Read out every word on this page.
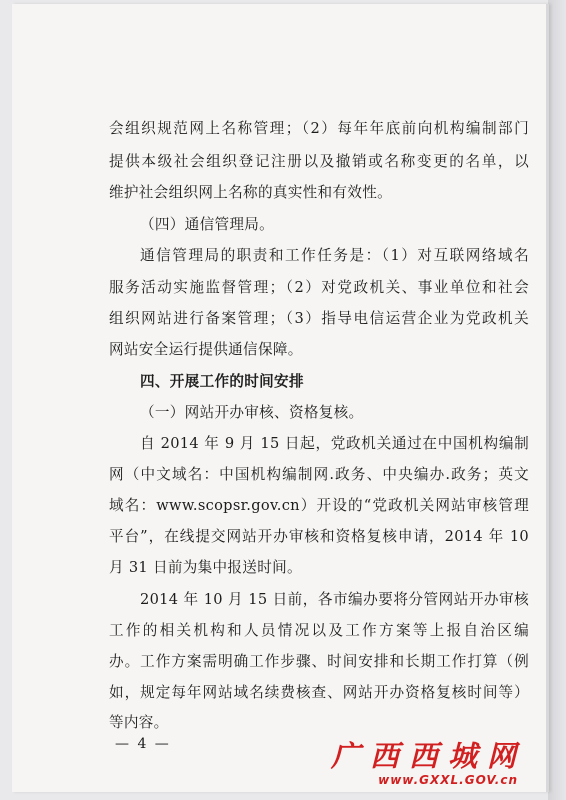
会组织规范网上名称管理；（2）每年年底前向机构编制部门
提供本级社会组织登记注册以及撤销或名称变更的名单，以
维护社会组织网上名称的真实性和有效性。
（四）通信管理局。
通信管理局的职责和工作任务是：（1）对互联网络域名
服务活动实施监督管理；（2）对党政机关、事业单位和社会
组织网站进行备案管理；（3）指导电信运营企业为党政机关
网站安全运行提供通信保障。
四、开展工作的时间安排
（一）网站开办审核、资格复核。
自 2014 年 9 月 15 日起，党政机关通过在中国机构编制
网（中文域名：中国机构编制网.政务、中央编办.政务；英文
域名：www.scopsr.gov.cn）开设的“党政机关网站审核管理
平台”，在线提交网站开办审核和资格复核申请，2014 年 10
月 31 日前为集中报送时间。
2014 年 10 月 15 日前，各市编办要将分管网站开办审核
工作的相关机构和人员情况以及工作方案等上报自治区编
办。工作方案需明确工作步骤、时间安排和长期工作打算（例
如，规定每年网站域名续费核查、网站开办资格复核时间等）
等内容。
— 4 —	广西西城网
www.GXXL.GOV.cn
